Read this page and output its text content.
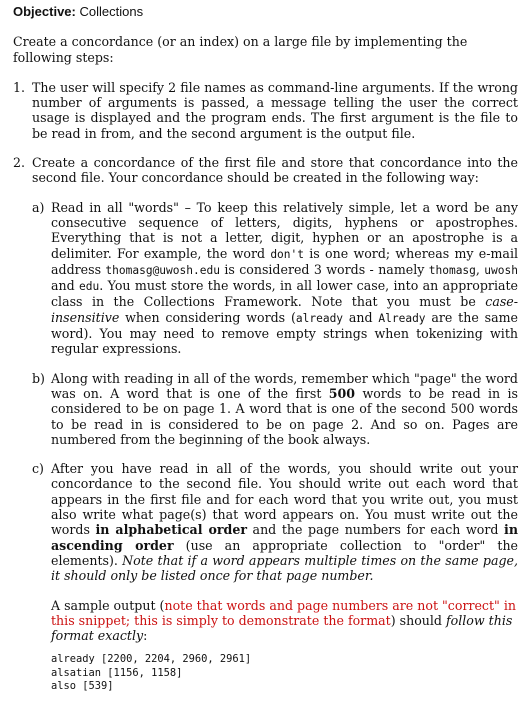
Objective: Collections

Create a concordance (or an index) on a large file by implementing the following steps:

1. The user will specify 2 file names as command-line arguments. If the wrong number of arguments is passed, a message telling the user the correct usage is displayed and the program ends. The first argument is the file to be read in from, and the second argument is the output file.

2. Create a concordance of the first file and store that concordance into the second file. Your concordance should be created in the following way:

a) Read in all "words" – To keep this relatively simple, let a word be any consecutive sequence of letters, digits, hyphens or apostrophes. Everything that is not a letter, digit, hyphen or an apostrophe is a delimiter. For example, the word don't is one word; whereas my e-mail address thomasg@uwosh.edu is considered 3 words - namely thomasg, uwosh and edu. You must store the words, in all lower case, into an appropriate class in the Collections Framework. Note that you must be case-insensitive when considering words (already and Already are the same word). You may need to remove empty strings when tokenizing with regular expressions.

b) Along with reading in all of the words, remember which "page" the word was on. A word that is one of the first 500 words to be read in is considered to be on page 1. A word that is one of the second 500 words to be read in is considered to be on page 2. And so on. Pages are numbered from the beginning of the book always.

c) After you have read in all of the words, you should write out your concordance to the second file. You should write out each word that appears in the first file and for each word that you write out, you must also write what page(s) that word appears on. You must write out the words in alphabetical order and the page numbers for each word in ascending order (use an appropriate collection to "order" the elements). Note that if a word appears multiple times on the same page, it should only be listed once for that page number.

A sample output (note that words and page numbers are not "correct" in this snippet; this is simply to demonstrate the format) should follow this format exactly:

already [2200, 2204, 2960, 2961]
alsatian [1156, 1158]
also [539]
